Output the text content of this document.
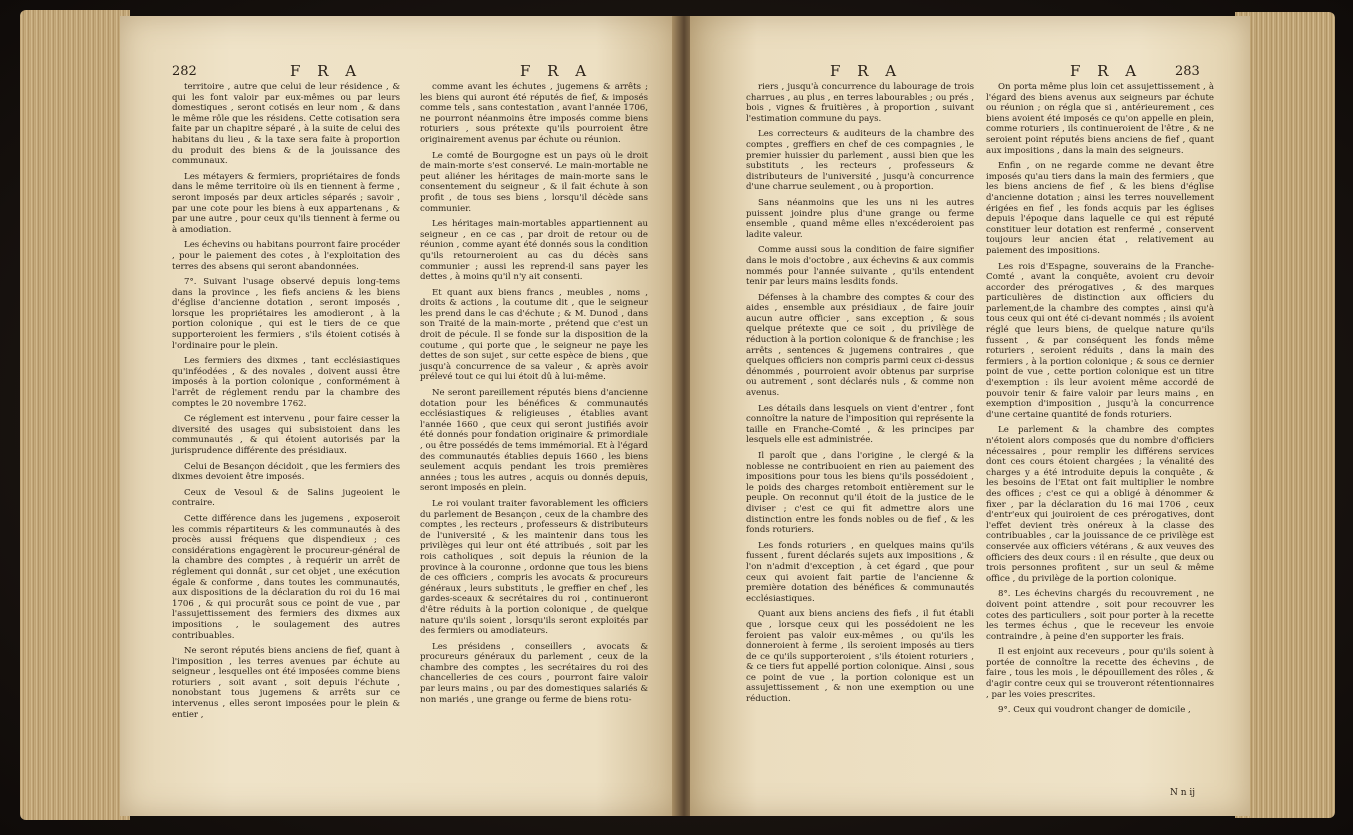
282	F R A	F R A

territoire , autre que celui de leur résidence , & qui les font valoir par eux-mêmes ou par leurs domestiques , seront cotisés en leur nom , & dans le même rôle que les résidens. Cette cotisation sera faite par un chapitre séparé , à la suite de celui des habitans du lieu , & la taxe sera faite à proportion du produit des biens & de la jouissance des communaux.

Les métayers & fermiers, propriétaires de fonds dans le même territoire où ils en tiennent à ferme , seront imposés par deux articles séparés ; savoir , par une cote pour les biens à eux appartenans , & par une autre , pour ceux qu'ils tiennent à ferme ou à amodiation.

Les échevins ou habitans pourront faire procéder , pour le paiement des cotes , à l'exploitation des terres des absens qui seront abandonnées.

7°. Suivant l'usage observé depuis long-tems dans la province , les fiefs anciens & les biens d'église d'ancienne dotation , seront imposés , lorsque les propriétaires les amodieront , à la portion colonique , qui est le tiers de ce que supporteroient les fermiers , s'ils étoient cotisés à l'ordinaire pour le plein.

Les fermiers des dixmes , tant ecclésiastiques qu'inféodées , & des novales , doivent aussi être imposés à la portion colonique , conformément à l'arrêt de réglement rendu par la chambre des comptes le 20 novembre 1762.

Ce réglement est intervenu , pour faire cesser la diversité des usages qui subsistoient dans les communautés , & qui étoient autorisés par la jurisprudence différente des présidiaux.

Celui de Besançon décidoit , que les fermiers des dixmes devoient être imposés.

Ceux de Vesoul & de Salins jugeoient le contraire.

Cette différence dans les jugemens , exposeroit les commis répartiteurs & les communautés à des procès aussi fréquens que dispendieux ; ces considérations engagèrent le procureur-général de la chambre des comptes , à requérir un arrêt de réglement qui donnât , sur cet objet , une exécution égale & conforme , dans toutes les communautés, aux dispositions de la déclaration du roi du 16 mai 1706 , & qui procurât sous ce point de vue , par l'assujettissement des fermiers des dixmes aux impositions , le soulagement des autres contribuables.

Ne seront réputés biens anciens de fief, quant à l'imposition , les terres avenues par échute au seigneur , lesquelles ont été imposées comme biens roturiers , soit avant , soit depuis l'échute , nonobstant tous jugemens & arrêts sur ce intervenus , elles seront imposées pour le plein & entier ,

comme avant les échutes , jugemens & arrêts ; les biens qui auront été réputés de fief, & imposés comme tels , sans contestation , avant l'année 1706, ne pourront néanmoins être imposés comme biens roturiers , sous prétexte qu'ils pourroient être originairement avenus par échute ou réunion.

Le comté de Bourgogne est un pays où le droit de main-morte s'est conservé. Le main-mortable ne peut aliéner les héritages de main-morte sans le consentement du seigneur , & il fait échute à son profit , de tous ses biens , lorsqu'il décède sans communier.

Les héritages main-mortables appartiennent au seigneur , en ce cas , par droit de retour ou de réunion , comme ayant été donnés sous la condition qu'ils retourneroient au cas du décès sans communier ; aussi les reprend-il sans payer les dettes , à moins qu'il n'y ait consenti.

Et quant aux biens francs , meubles , noms , droits & actions , la coutume dit , que le seigneur les prend dans le cas d'échute ; & M. Dunod , dans son Traité de la main-morte , prétend que c'est un droit de pécule. Il se fonde sur la disposition de la coutume , qui porte que , le seigneur ne paye les dettes de son sujet , sur cette espèce de biens , que jusqu'à concurrence de sa valeur , & après avoir prélevé tout ce qui lui étoit dû à lui-même.

Ne seront pareillement réputés biens d'ancienne dotation pour les bénéfices & communautés ecclésiastiques & religieuses , établies avant l'année 1660 , que ceux qui seront justifiés avoir été donnés pour fondation originaire & primordiale , ou être possédés de tems immémorial. Et à l'égard des communautés établies depuis 1660 , les biens seulement acquis pendant les trois premières années ; tous les autres , acquis ou donnés depuis, seront imposés en plein.

Le roi voulant traiter favorablement les officiers du parlement de Besançon , ceux de la chambre des comptes , les recteurs , professeurs & distributeurs de l'université , & les maintenir dans tous les privilèges qui leur ont été attribués , soit par les rois catholiques , soit depuis la réunion de la province à la couronne , ordonne que tous les biens de ces officiers , compris les avocats & procureurs généraux , leurs substituts , le greffier en chef , les gardes-sceaux & secrétaires du roi , continueront d'être réduits à la portion colonique , de quelque nature qu'ils soient , lorsqu'ils seront exploités par des fermiers ou amodiateurs.

Les présidens , conseillers , avocats & procureurs généraux du parlement , ceux de la chambre des comptes , les secrétaires du roi des chancelleries de ces cours , pourront faire valoir par leurs mains , ou par des domestiques salariés & non mariés , une grange ou ferme de biens rotu-

F R A	F R A	283

riers , jusqu'à concurrence du labourage de trois charrues , au plus , en terres labourables ; ou prés , bois , vignes & fruitières , à proportion , suivant l'estimation commune du pays.

Les correcteurs & auditeurs de la chambre des comptes , greffiers en chef de ces compagnies , le premier huissier du parlement , aussi bien que les substituts , les recteurs , professeurs & distributeurs de l'université , jusqu'à concurrence d'une charrue seulement , ou à proportion.

Sans néanmoins que les uns ni les autres puissent joindre plus d'une grange ou ferme ensemble , quand même elles n'excéderoient pas ladite valeur.

Comme aussi sous la condition de faire signifier dans le mois d'octobre , aux échevins & aux commis nommés pour l'année suivante , qu'ils entendent tenir par leurs mains lesdits fonds.

Défenses à la chambre des comptes & cour des aides , ensemble aux présidiaux , de faire jouir aucun autre officier , sans exception , & sous quelque prétexte que ce soit , du privilège de réduction à la portion colonique & de franchise ; les arrêts , sentences & jugemens contraires , que quelques officiers non compris parmi ceux ci-dessus dénommés , pourroient avoir obtenus par surprise ou autrement , sont déclarés nuls , & comme non avenus.

Les détails dans lesquels on vient d'entrer , font connoître la nature de l'imposition qui représente la taille en Franche-Comté , & les principes par lesquels elle est administrée.

Il paroît que , dans l'origine , le clergé & la noblesse ne contribuoient en rien au paiement des impositions pour tous les biens qu'ils possédoient , le poids des charges retomboit entièrement sur le peuple. On reconnut qu'il étoit de la justice de le diviser ; c'est ce qui fit admettre alors une distinction entre les fonds nobles ou de fief , & les fonds roturiers.

Les fonds roturiers , en quelques mains qu'ils fussent , furent déclarés sujets aux impositions , & l'on n'admit d'exception , à cet égard , que pour ceux qui avoient fait partie de l'ancienne & première dotation des bénéfices & communautés ecclésiastiques.

Quant aux biens anciens des fiefs , il fut établi que , lorsque ceux qui les possédoient ne les feroient pas valoir eux-mêmes , ou qu'ils les donneroient à ferme , ils seroient imposés au tiers de ce qu'ils supporteroient , s'ils étoient roturiers , & ce tiers fut appellé portion colonique. Ainsi , sous ce point de vue , la portion colonique est un assujettissement , & non une exemption ou une réduction.

On porta même plus loin cet assujettissement , à l'égard des biens avenus aux seigneurs par échute ou réunion ; on régla que si , antérieurement , ces biens avoient été imposés ce qu'on appelle en plein, comme roturiers , ils continueroient de l'être , & ne seroient point réputés biens anciens de fief , quant aux impositions , dans la main des seigneurs.

Enfin , on ne regarde comme ne devant être imposés qu'au tiers dans la main des fermiers , que les biens anciens de fief , & les biens d'église d'ancienne dotation ; ainsi les terres nouvellement érigées en fief , les fonds acquis par les églises depuis l'époque dans laquelle ce qui est réputé constituer leur dotation est renfermé , conservent toujours leur ancien état , relativement au paiement des impositions.

Les rois d'Espagne, souverains de la Franche-Comté , avant la conquête, avoient cru devoir accorder des prérogatives , & des marques particulières de distinction aux officiers du parlement,de la chambre des comptes , ainsi qu'à tous ceux qui ont été ci-devant nommés ; ils avoient réglé que leurs biens, de quelque nature qu'ils fussent , & par conséquent les fonds même roturiers , seroient réduits , dans la main des fermiers , à la portion colonique ; & sous ce dernier point de vue , cette portion colonique est un titre d'exemption : ils leur avoient même accordé de pouvoir tenir & faire valoir par leurs mains , en exemption d'imposition , jusqu'à la concurrence d'une certaine quantité de fonds roturiers.

Le parlement & la chambre des comptes n'étoient alors composés que du nombre d'officiers nécessaires , pour remplir les différens services dont ces cours étoient chargées ; la vénalité des charges y a été introduite depuis la conquête , & les besoins de l'Etat ont fait multiplier le nombre des offices ; c'est ce qui a obligé à dénommer & fixer , par la déclaration du 16 mai 1706 , ceux d'entr'eux qui jouiroient de ces prérogatives, dont l'effet devient très onéreux à la classe des contribuables , car la jouissance de ce privilège est conservée aux officiers vétérans , & aux veuves des officiers des deux cours : il en résulte , que deux ou trois personnes profitent , sur un seul & même office , du privilège de la portion colonique.

8°. Les échevins chargés du recouvrement , ne doivent point attendre , soit pour recouvrer les cotes des particuliers , soit pour porter à la recette les termes échus , que le receveur les envoie contraindre , à peine d'en supporter les frais.

Il est enjoint aux receveurs , pour qu'ils soient à portée de connoître la recette des échevins , de faire , tous les mois , le dépouillement des rôles , & d'agir contre ceux qui se trouveront rétentionnaires , par les voies prescrites.

9°. Ceux qui voudront changer de domicile ,

N n ij
